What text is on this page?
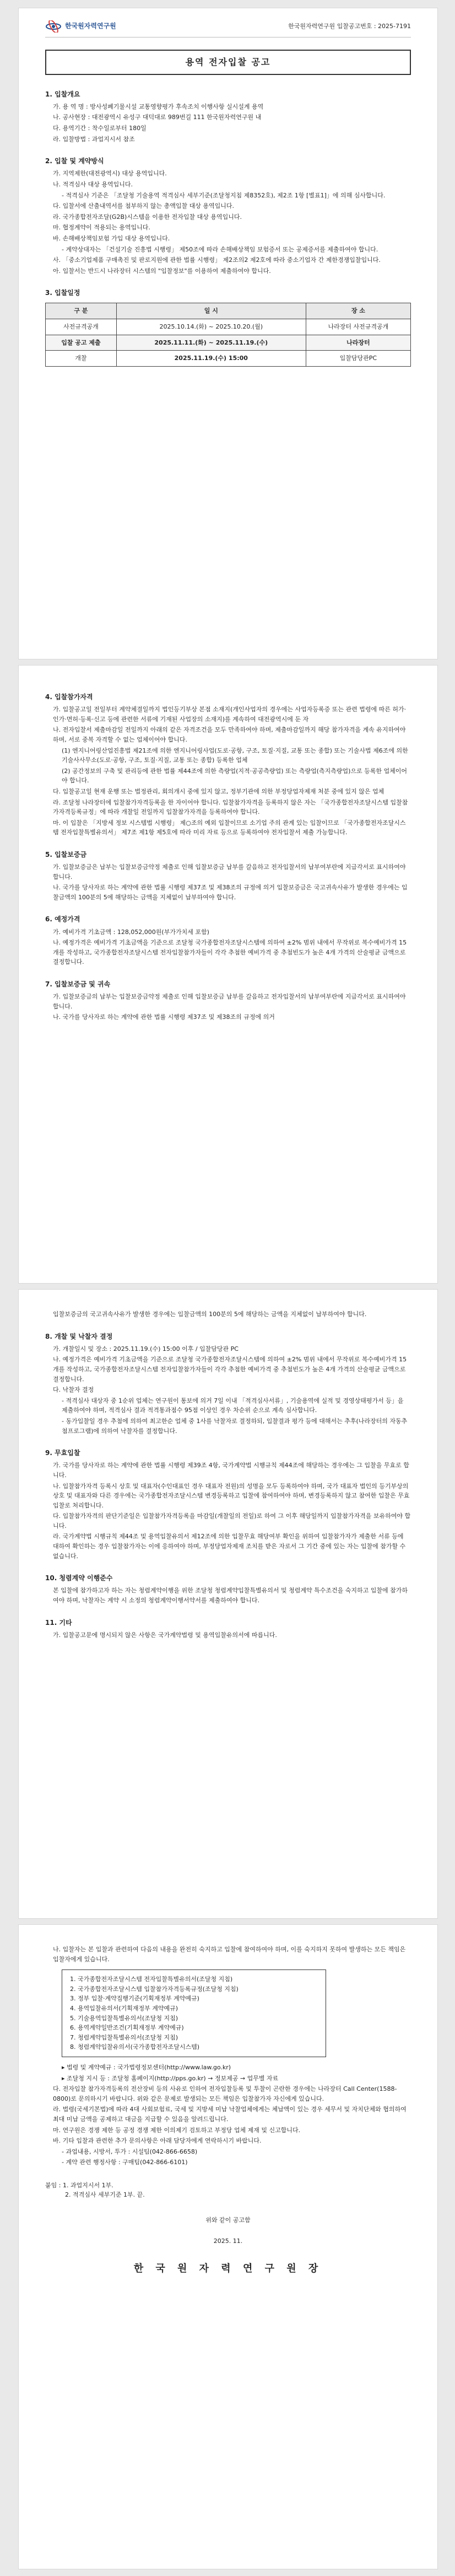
한국원자력연구원	한국원자력연구원 입찰공고번호 : 2025-7191
용역 전자입찰 공고
1. 입찰개요
가. 용 역 명 : 방사성폐기물시설 교통영향평가 후속조치 이행사항 실시설계 용역
나. 공사현장 : 대전광역시 유성구 대덕대로 989번길 111 한국원자력연구원 내
다. 용역기간 : 착수일로부터 180일
라. 입찰방법 : 과업지시서 참조
2. 입찰 및 계약방식
가. 지역제한(대전광역시) 대상 용역입니다.
나. 적격심사 대상 용역입니다.
- 적격심사 기준은 「조달청 기술용역 적격심사 세부기준(조달청지침 제8352호), 제2조 1항 [별표1]」에 의해 심사합니다.
다. 입찰서에 산출내역서를 첨부하지 않는 총액입찰 대상 용역입니다.
라. 국가종합전자조달(G2B)시스템을 이용한 전자입찰 대상 용역입니다.
마. 협정계약이 적용되는 용역입니다.
바. 손해배상책임보험 가입 대상 용역입니다.
- 계약상대자는 「건설기술 진흥법 시행령」 제50조에 따라 손해배상책임 보험증서 또는 공제증서를 제출하여야 합니다.
사. 「중소기업제품 구매촉진 및 판로지원에 관한 법률 시행령」 제2조의2 제2호에 따라 중소기업자 간 제한경쟁입찰입니다.
아. 입찰서는 반드시 나라장터 시스템의 "입찰정보"를 이용하여 제출하여야 합니다.
3. 입찰일정
구 분	일 시	장 소
사전규격공개	2025.10.14.(화) ~ 2025.10.20.(월)	나라장터 사전규격공개
입찰 공고 제출	2025.11.11.(화) ~ 2025.11.19.(수)	나라장터
개찰	2025.11.19.(수) 15:00	입찰담당관PC
4. 입찰참가자격
가. 입찰공고일 전일부터 계약체결일까지 법인등기부상 본점 소재지(개인사업자의 경우에는 사업자등록증 또는 관련 법령에 따른 허가·인가·면허·등록·신고 등에 관련한 서류에 기재된 사업장의 소재지)를 계속하여 대전광역시에 둔 자
나. 전자입찰서 제출마감일 전일까지 아래의 같은 자격조건을 모두 만족하여야 하며, 제출마감일까지 해당 참가자격을 계속 유지하여야 하며, 서로 중복 자격할 수 없는 업체이어야 합니다.
(1) 엔지니어링산업진흥법 제21조에 의한 엔지니어링사업(도로·공항, 구조, 토질·지질, 교통 또는 종합) 또는 기술사법 제6조에 의한 기술사사무소(도로·공항, 구조, 토질·지질, 교통 또는 종합) 등록한 업체
(2) 공간정보의 구축 및 관리등에 관한 법률 제44조에 의한 측량업(지적·공공측량업) 또는 측량업(측지측량업)으로 등록한 업체이어야 합니다.
다. 입찰공고일 현재 운행 또는 법정관리, 회의개시 중에 있지 않고, 정부기관에 의한 부정당업자제재 처분 중에 있지 않은 업체
라. 조달청 나라장터에 입찰참가자격등록을 한 자이어야 합니다. 입찰참가자격을 등록하지 않은 자는 「국가종합전자조달시스템 입찰참가자격등록규정」에 따라 개찰일 전일까지 입찰참가자격을 등록하여야 합니다.
마. 이 입찰은 「지방세 정보 시스템법 시행령」 제○조의 예외 입찰이므로 소기업 주의 관계 있는 입찰이므로 「국가종합전자조달시스템 전자입찰특별유의서」 제7조 제1항 제5호에 따라 미리 자료 등으로 등록하여야 전자입찰서 제출 가능합니다.
5. 입찰보증금
가. 입찰보증금은 납부는 입찰보증금약정 제출로 인해 입찰보증금 납부를 갈음하고 전자입찰서의 납부여부란에 지급각서로 표시하여야 합니다.
나. 국가를 당사자로 하는 계약에 관한 법률 시행령 제37조 및 제38조의 규정에 의거 입찰보증금은 국고귀속사유가 발생한 경우에는 입찰금액의 100분의 5에 해당하는 금액을 지체없이 납부하여야 합니다.
6. 예정가격
가. 예비가격 기초금액 : 128,052,000원(부가가치세 포함)
나. 예정가격은 예비가격 기초금액을 기준으로 조달청 국가종합전자조달시스템에 의하여 ±2% 범위 내에서 무작위로 복수예비가격 15개를 작성하고, 국가종합전자조달시스템 전자입찰참가자들이 각각 추첨한 예비가격 중 추첨빈도가 높은 4개 가격의 산술평균 금액으로 결정합니다.
7. 입찰보증금 및 귀속
가. 입찰보증금의 납부는 입찰보증금약정 제출로 인해 입찰보증금 납부를 갈음하고 전자입찰서의 납부여부란에 지급각서로 표시하여야 합니다.
나. 국가를 당사자로 하는 계약에 관한 법률 시행령 제37조 및 제38조의 규정에 의거
입찰보증금의 국고귀속사유가 발생한 경우에는 입찰금액의 100분의 5에 해당하는 금액을 지체없이 납부하여야 합니다.
8. 개찰 및 낙찰자 결정
가. 개찰일시 및 장소 : 2025.11.19.(수) 15:00 이후 / 입찰담당관 PC
나. 예정가격은 예비가격 기초금액을 기준으로 조달청 국가종합전자조달시스템에 의하여 ±2% 범위 내에서 무작위로 복수예비가격 15개를 작성하고, 국가종합전자조달시스템 전자입찰참가자들이 각각 추첨한 예비가격 중 추첨빈도가 높은 4개 가격의 산술평균 금액으로 결정합니다.
다. 낙찰자 결정
- 적격심사 대상자 중 1순위 업체는 연구원이 통보에 의거 7일 이내 「적격심사서류」, 기술용역에 실적 및 경영상태평가서 등」을 제출하여야 하며, 적격심사 결과 적격통과점수 95점 이상인 경우 차순위 순으로 계속 심사합니다.
- 동가입찰일 경우 추첨에 의하여 최고한순 업체 중 1사를 낙찰자로 결정하되, 입찰결과 평가 등에 대해서는 추후(나라장터의 자동추첨프로그램)에 의하여 낙찰자를 결정합니다.
9. 무효입찰
가. 국가를 당사자로 하는 계약에 관한 법률 시행령 제39조 4항, 국가계약법 시행규칙 제44조에 해당하는 경우에는 그 입찰을 무효로 합니다.
나. 입찰참가자격 등록시 상호 및 대표자(수인대표인 경우 대표자 전원)의 성명을 모두 등록하여야 하며, 국가 대표자 법인의 등기부상의 상호 및 대표자와 다른 경우에는 국가종합전자조달시스템 변경등록하고 입찰에 참여하여야 하며, 변경등록하지 않고 참여한 입찰은 무효입찰로 처리합니다.
다. 입찰참가자격의 판단기준일은 입찰참가자격등록을 마감일(개찰일의 전일)로 하여 그 이후 해당일까지 입찰참가자격을 보유하여야 합니다.
라. 국가계약법 시행규칙 제44조 및 용역입찰유의서 제12조에 의한 입찰무효 해당여부 확인을 위하여 입찰참가자가 제출한 서류 등에 대하여 확인하는 경우 입찰참가자는 이에 응하여야 하며, 부정당업자제재 조치를 받은 자로서 그 기간 중에 있는 자는 입찰에 참가할 수 없습니다.
10. 청렴계약 이행준수
본 입찰에 참가하고자 하는 자는 청렴계약이행을 위한 조달청 청렴계약입찰특별유의서 및 청렴계약 특수조건을 숙지하고 입찰에 참가하여야 하며, 낙찰자는 계약 시 소정의 청렴계약이행서약서를 제출하여야 합니다.
11. 기타
가. 입찰공고문에 명시되지 않은 사항은 국가계약법령 및 용역입찰유의서에 따릅니다.
나. 입찰자는 본 입찰과 관련하여 다음의 내용을 완전히 숙지하고 입찰에 참여하여야 하며, 이를 숙지하지 못하여 발생하는 모든 책임은 입찰자에게 있습니다.
1. 국가종합전자조달시스템 전자입찰특별유의서(조달청 지침)
2. 국가종합전자조달시스템 입찰참가자격등록규정(조달청 지침)
3. 정부 입찰·계약집행기준(기획재정부 계약예규)
4. 용역입찰유의서(기획재정부 계약예규)
5. 기술용역입찰특별유의서(조달청 지침)
6. 용역계약일반조건(기획재정부 계약예규)
7. 청렴계약입찰특별유의서(조달청 지침)
8. 청렴계약입찰유의서(국가종합전자조달시스템)
▸ 법령 및 계약예규 : 국가법령정보센터(http://www.law.go.kr)
▸ 조달청 지시 등 : 조달청 홈페이지(http://pps.go.kr) → 정보제공 → 업무별 자료
다. 전자입찰 참가자격등록의 전산장비 등의 사유로 인하여 전자입찰등록 및 투찰이 곤란한 경우에는 나라장터 Call Center(1588-0800)로 문의하시기 바랍니다. 위와 같은 문제로 발생되는 모든 책임은 입찰참가자 자신에게 있습니다.
라. 법령(국세기본법)에 따라 4대 사회보험료, 국세 및 지방세 미납 낙찰업체에게는 체납액이 있는 경우 세무서 및 자치단체와 협의하여 최대 미납 금액을 공제하고 대금을 지급할 수 있음을 알려드립니다.
마. 연구원은 경쟁 제한 등 공정 경쟁 제한 이의제기 검토하고 부정당 업체 제재 및 신고합니다.
바. 기타 입찰과 관련한 추가 문의사항은 아래 담당자에게 연락하시기 바랍니다.
- 과업내용, 시방서, 투가 : 시설팀(042-866-6658)
- 계약 관련 행정사항 : 구매팀(042-866-6101)
붙임 : 1. 과업지시서 1부.
2. 적격심사 세부기준 1부. 끝.
위와 같이 공고함
2025. 11.
한 국 원 자 력 연 구 원 장
